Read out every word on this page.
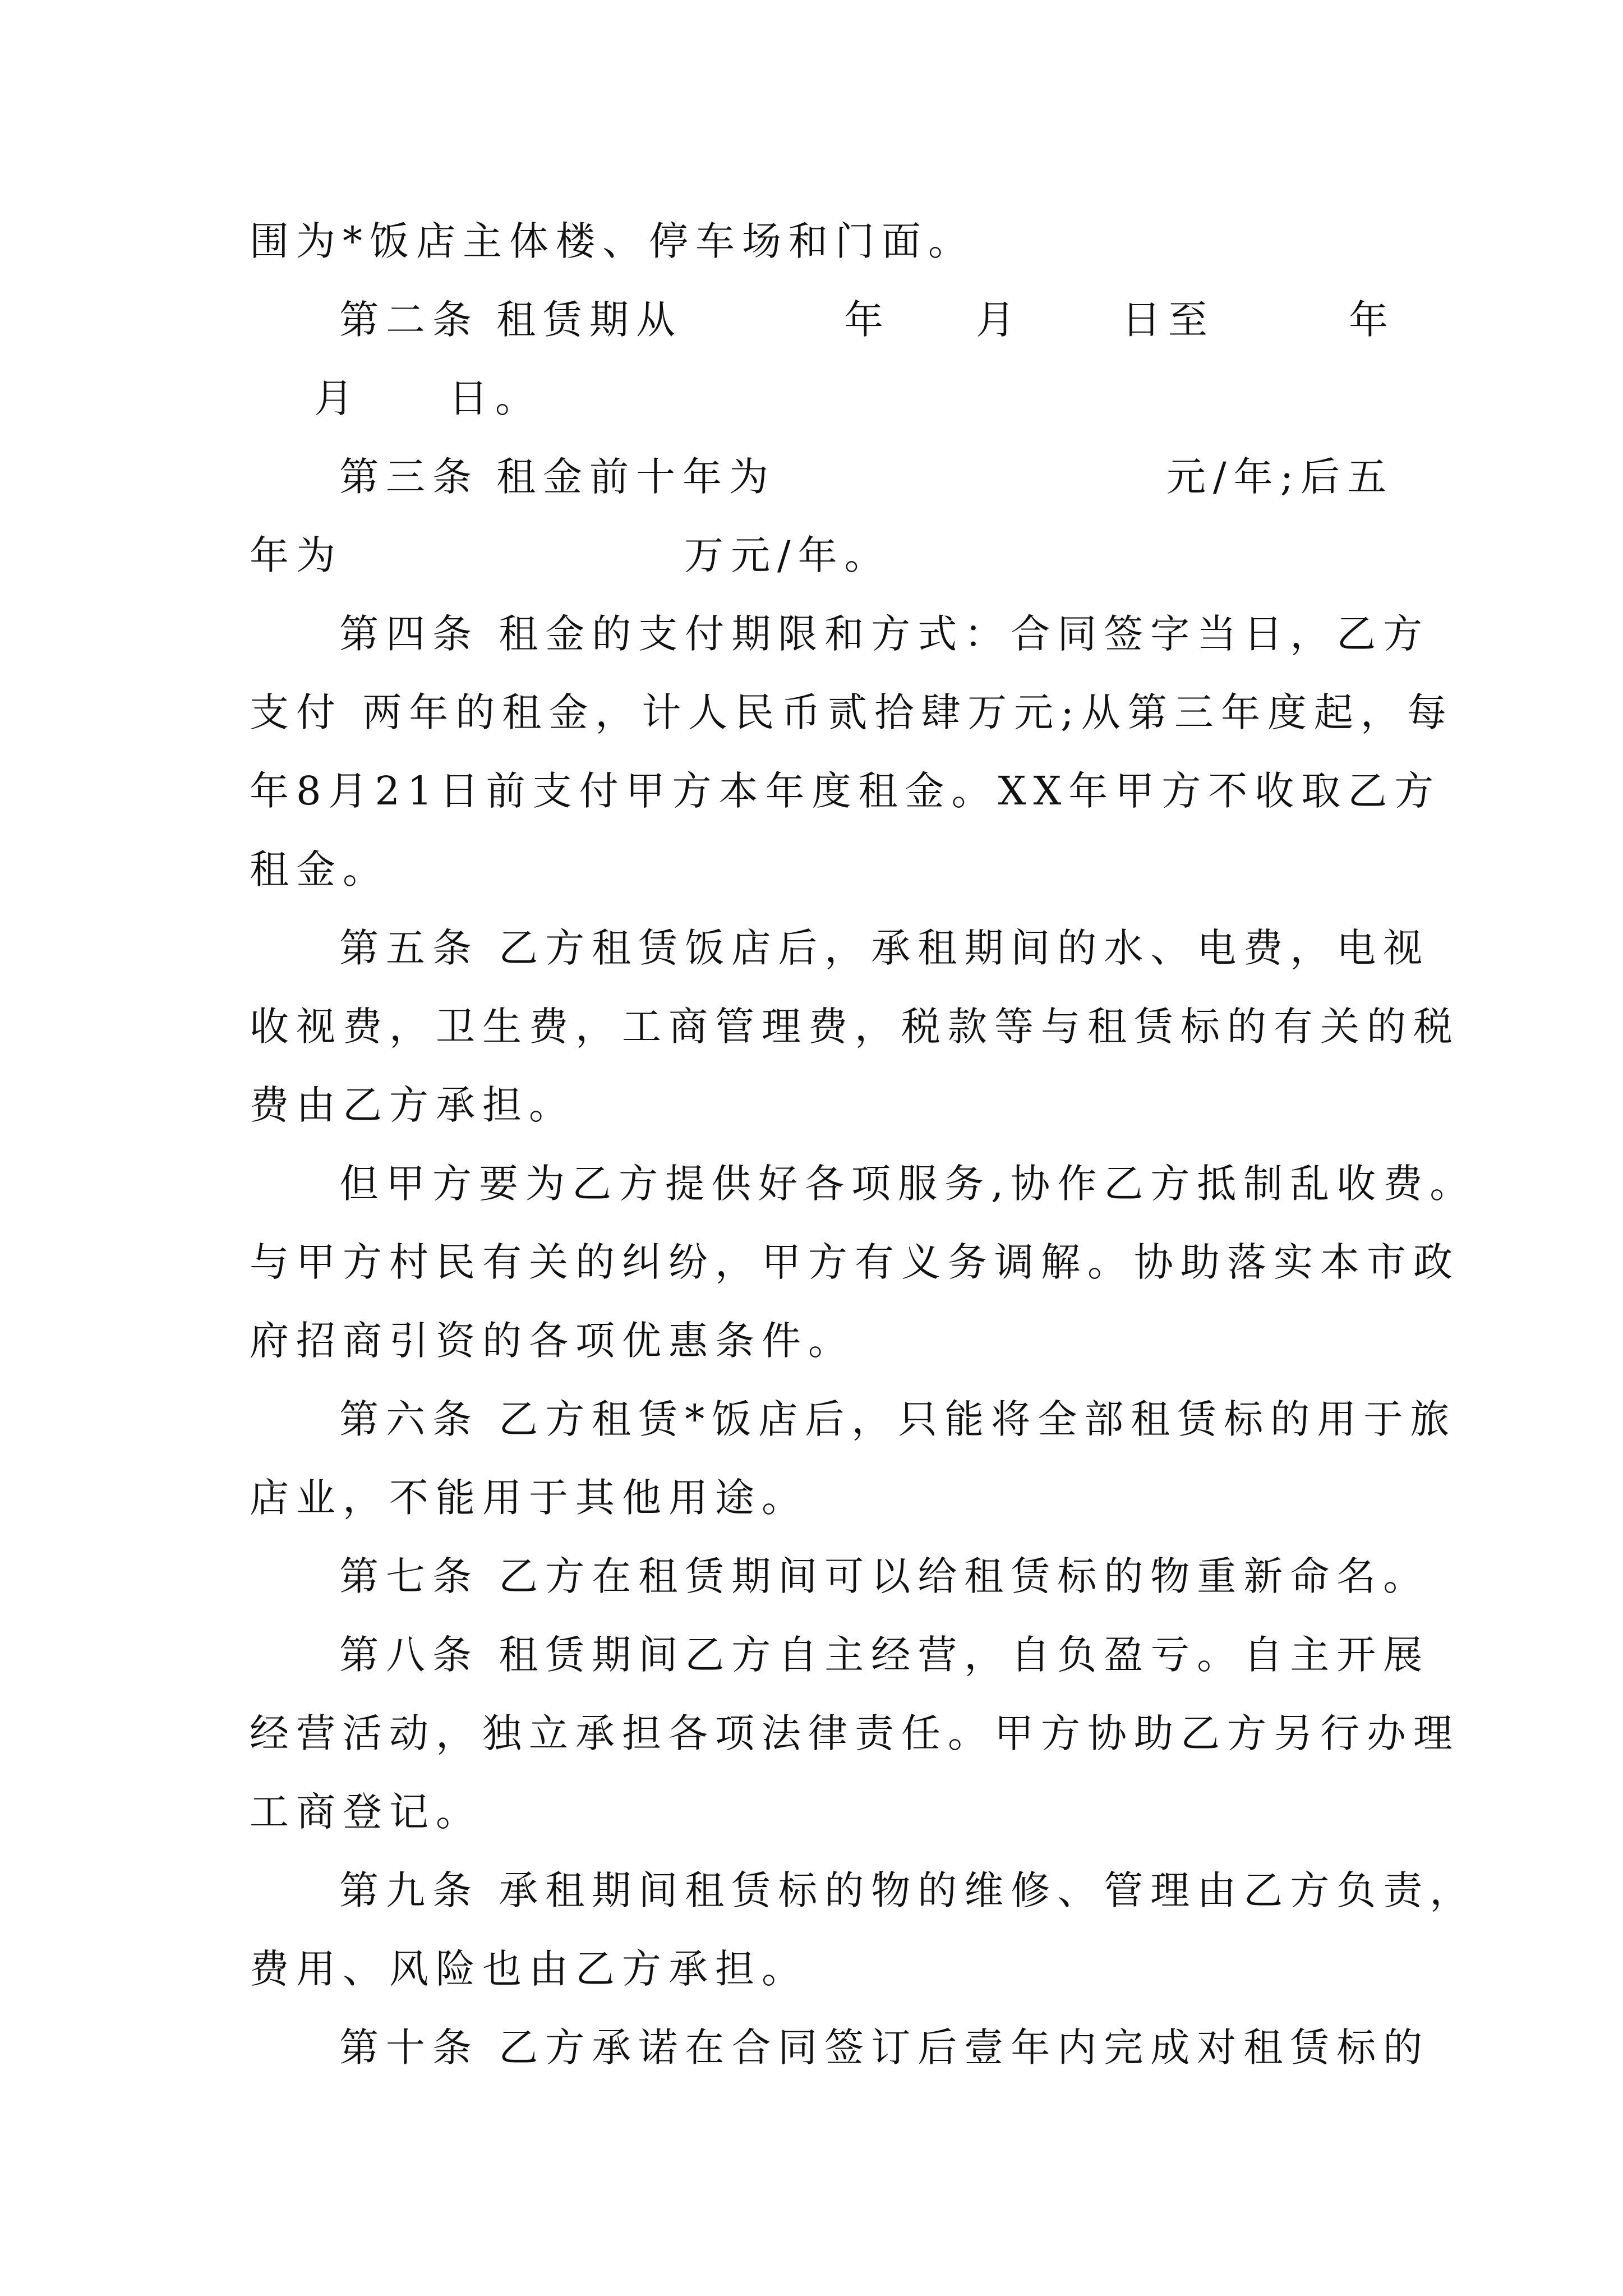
围为*饭店主体楼、停车场和门面。

第二条

租赁期从

	年

月

	日至

	年

月

日。

第三条

租金前十年为

	元/年;后五

年为

	万元/年。

第四条 租金的支付期限和方式：合同签字当日，乙方
支付 两年的租金，计人民币贰拾肆万元;从第三年度起，每
年8月21日前支付甲方本年度租金。XX年甲方不收取乙方
租金。
第五条 乙方租赁饭店后，承租期间的水、电费，电视
收视费，卫生费，工商管理费，税款等与租赁标的有关的税
费由乙方承担。
但甲方要为乙方提供好各项服务,协作乙方抵制乱收费。
与甲方村民有关的纠纷，甲方有义务调解。协助落实本市政
府招商引资的各项优惠条件。
第六条 乙方租赁*饭店后，只能将全部租赁标的用于旅
店业，不能用于其他用途。
第七条 乙方在租赁期间可以给租赁标的物重新命名。
第八条 租赁期间乙方自主经营，自负盈亏。自主开展
经营活动，独立承担各项法律责任。甲方协助乙方另行办理
工商登记。
第九条 承租期间租赁标的物的维修、管理由乙方负责，
费用、风险也由乙方承担。
第十条 乙方承诺在合同签订后壹年内完成对租赁标的
